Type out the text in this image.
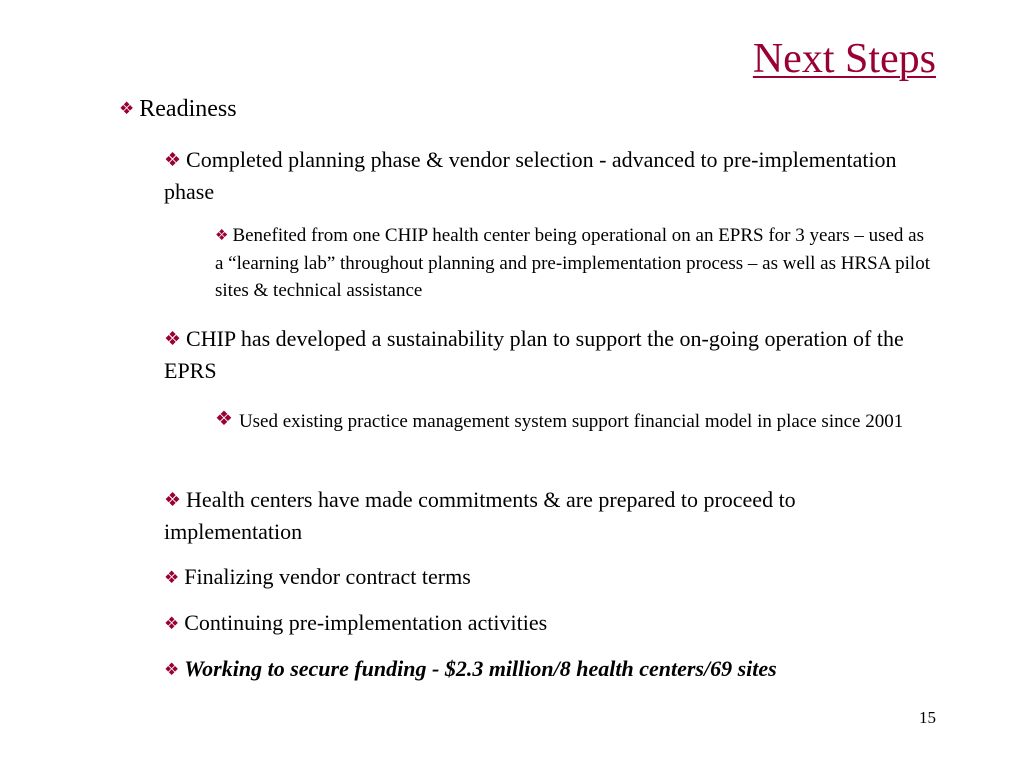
Next Steps
❖ Readiness
❖ Completed planning phase & vendor selection - advanced to pre-implementation phase
❖ Benefited from one CHIP health center being operational on an EPRS for 3 years – used as a “learning lab” throughout planning and pre-implementation process – as well as HRSA pilot sites & technical assistance
❖ CHIP has developed a sustainability plan to support the on-going operation of the EPRS
❖ Used existing practice management system support financial model in place since 2001
❖ Health centers have made commitments & are prepared to proceed to implementation
❖ Finalizing vendor contract terms
❖ Continuing pre-implementation activities
❖ Working to secure funding - $2.3 million/8 health centers/69 sites
15
